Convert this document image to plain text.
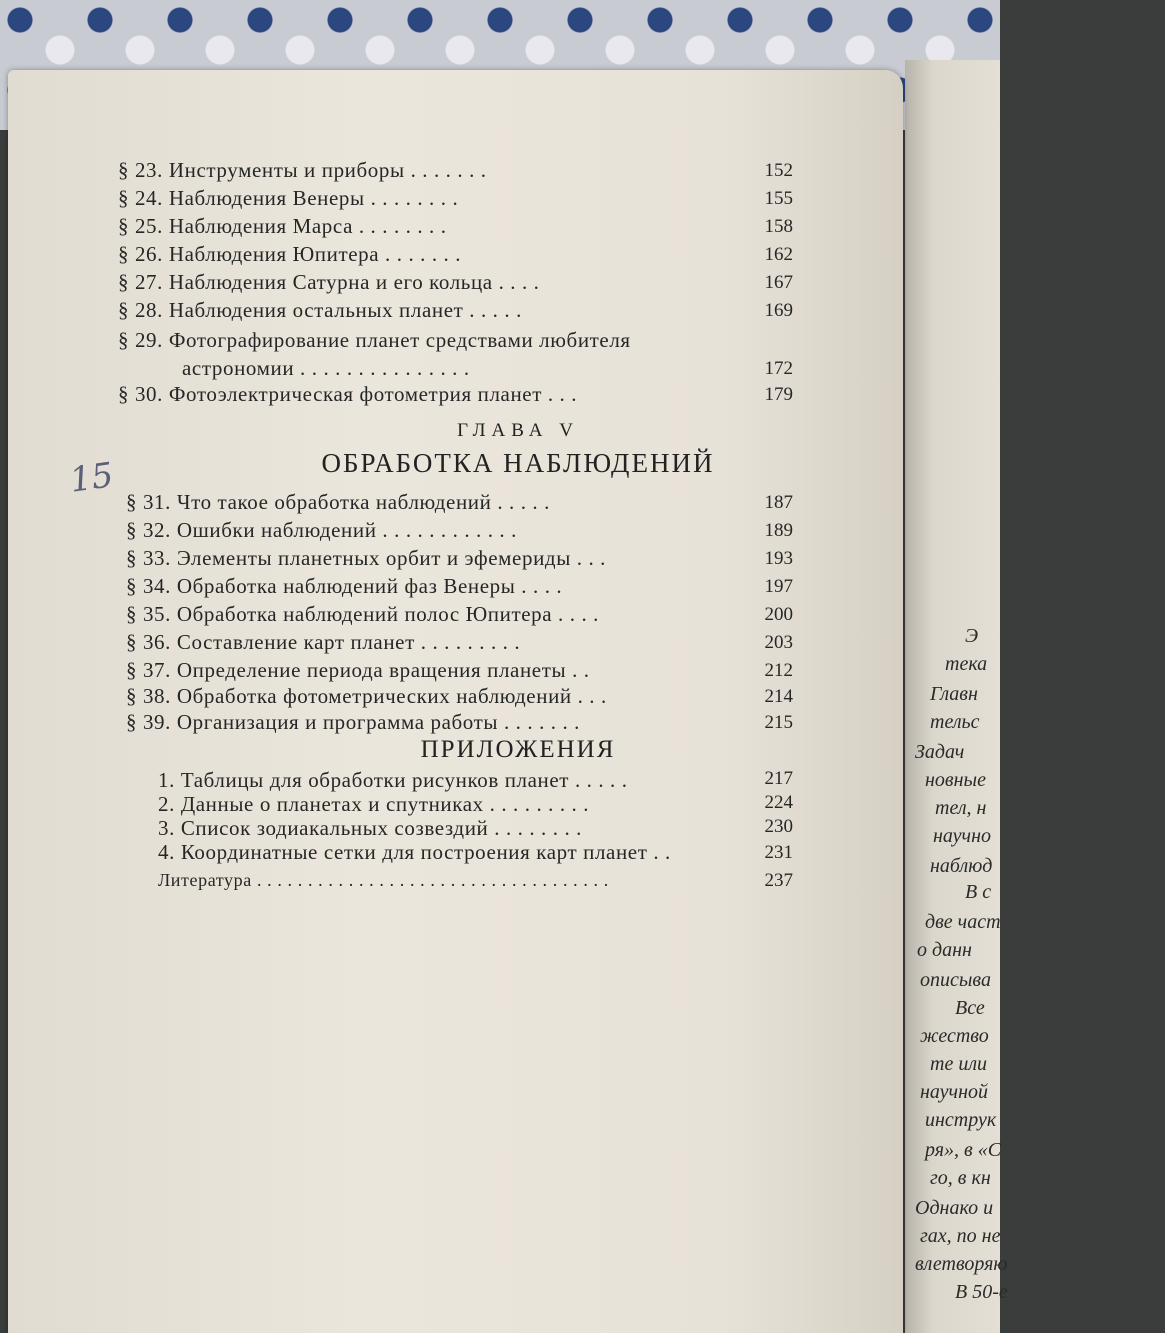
Э
тека
Главн
тельс
Задач
новные
тел, н
научно
наблюд
В с
две част
о данн
описыва
Все
жество
те или
научной
инструк
ря», в «С
го, в кн
Однако и
гах, по не
влетворяю
В 50-е
§ 23. Инструменты и приборы . . . . . . .	152
§ 24. Наблюдения Венеры . . . . . . . .	155
§ 25. Наблюдения Марса . . . . . . . .	158
§ 26. Наблюдения Юпитера . . . . . . .	162
§ 27. Наблюдения Сатурна и его кольца . . . .	167
§ 28. Наблюдения остальных планет . . . . .	169
§ 29. Фотографирование планет средствами любителя
астрономии . . . . . . . . . . . . . . .	172
§ 30. Фотоэлектрическая фотометрия планет . . .	179
15
ГЛАВА V
ОБРАБОТКА НАБЛЮДЕНИЙ
§ 31. Что такое обработка наблюдений . . . . .	187
§ 32. Ошибки наблюдений . . . . . . . . . . . .	189
§ 33. Элементы планетных орбит и эфемериды . . .	193
§ 34. Обработка наблюдений фаз Венеры . . . .	197
§ 35. Обработка наблюдений полос Юпитера . . . .	200
§ 36. Составление карт планет . . . . . . . . .	203
§ 37. Определение периода вращения планеты . .	212
§ 38. Обработка фотометрических наблюдений . . .	214
§ 39. Организация и программа работы . . . . . . .	215
ПРИЛОЖЕНИЯ
1. Таблицы для обработки рисунков планет . . . . .	217
2. Данные о планетах и спутниках . . . . . . . . .	224
3. Список зодиакальных созвездий . . . . . . . .	230
4. Координатные сетки для построения карт планет . .	231
Литература . . . . . . . . . . . . . . . . . . . . . . . . . . . . . . . . . . .	237
